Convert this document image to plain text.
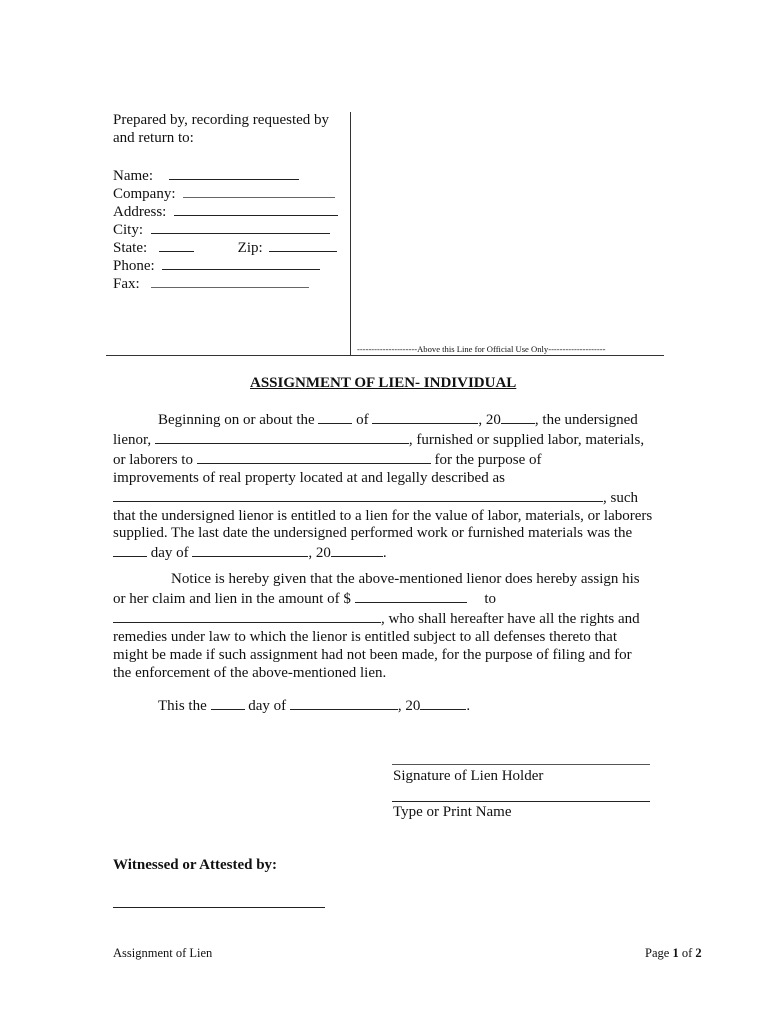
Prepared by, recording requested by
and return to:
Name:
Company:
Address:
City:
State:	Zip:
Phone:
Fax:
---------------------Above this Line for Official Use Only--------------------
ASSIGNMENT OF LIEN- INDIVIDUAL
Beginning on or about the	of	, 20 , the undersigned
lienor,	, furnished or supplied labor, materials,
or laborers to	for the purpose of
improvements of real property located at and legally described as
, such
that the undersigned lienor is entitled to a lien for the value of labor, materials, or laborers
supplied. The last date the undersigned performed work or furnished materials was the
day of	, 20	.
Notice is hereby given that the above-mentioned lienor does hereby assign his
or her claim and lien in the amount of $	to
, who shall hereafter have all the rights and
remedies under law to which the lienor is entitled subject to all defenses thereto that
might be made if such assignment had not been made, for the purpose of filing and for
the enforcement of the above-mentioned lien.
This the	day of	, 20	.
Signature of Lien Holder
Type or Print Name
Witnessed or Attested by:
Assignment of Lien	Page 1 of 2
